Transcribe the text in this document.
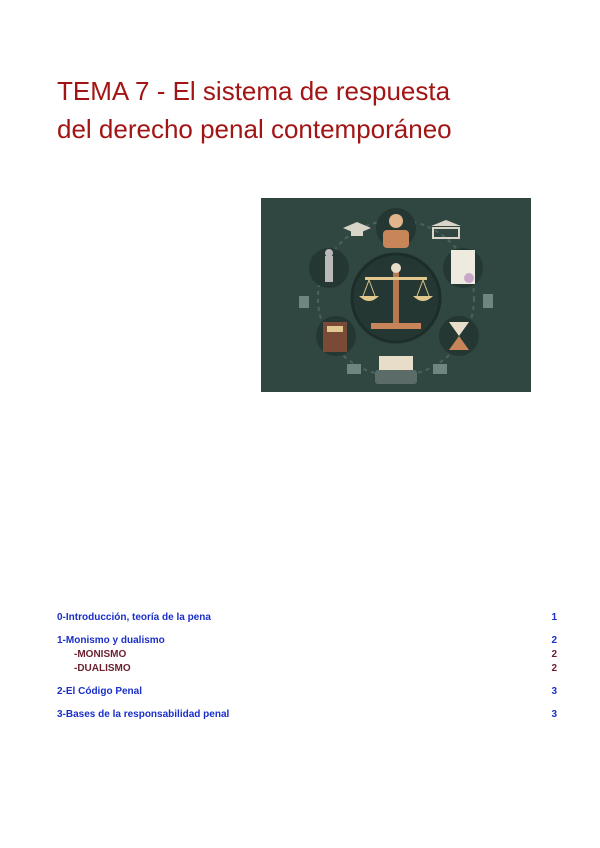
TEMA 7 - El sistema de respuesta
del derecho penal contemporáneo
0-Introducción, teoría de la pena	1
1-Monismo y dualismo	2
-MONISMO	2
-DUALISMO	2
2-El Código Penal	3
3-Bases de la responsabilidad penal	3
